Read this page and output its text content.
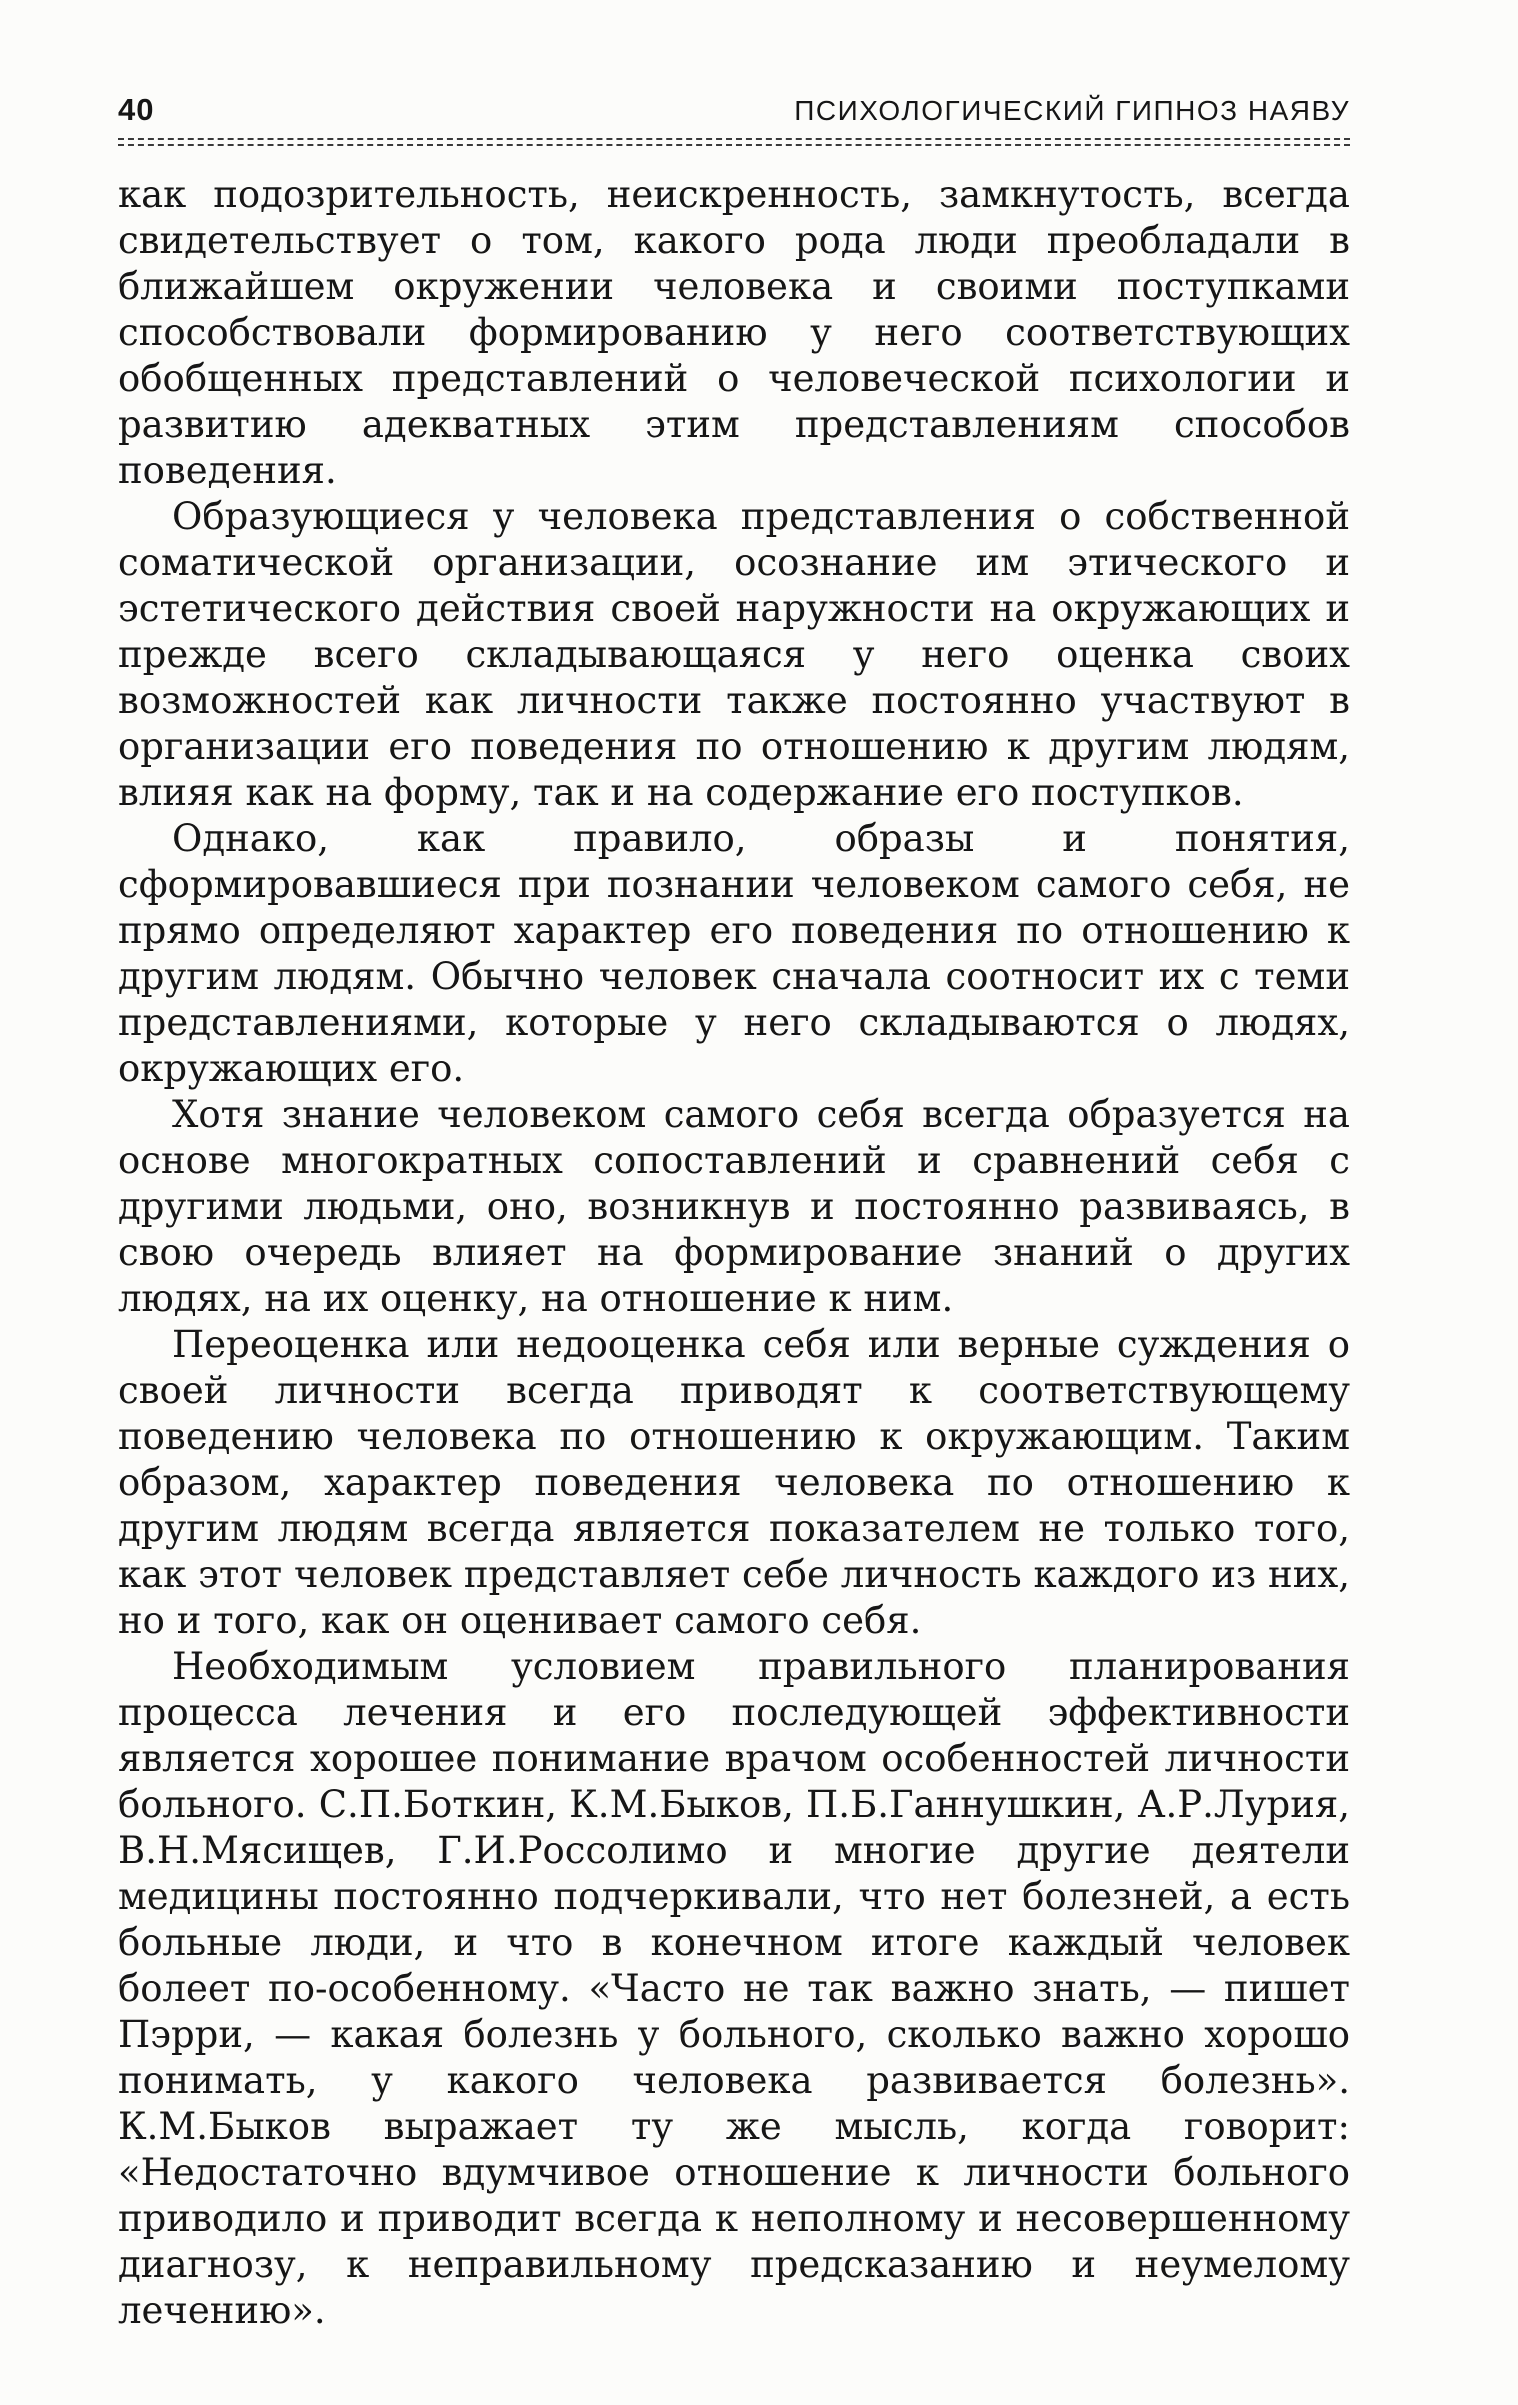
40	ПСИХОЛОГИЧЕСКИЙ ГИПНОЗ НАЯВУ

как подозрительность, неискренность, замкнутость, всегда свидетельствует о том, какого рода люди преобладали в ближайшем окружении человека и своими поступками способствовали формированию у него соответствующих обобщенных представлений о человеческой психологии и развитию адекватных этим представлениям способов поведения.

Образующиеся у человека представления о собственной соматической организации, осознание им этического и эстетического действия своей наружности на окружающих и прежде всего складывающаяся у него оценка своих возможностей как личности также постоянно участвуют в организации его поведения по отношению к другим людям, влияя как на форму, так и на содержание его поступков.

Однако, как правило, образы и понятия, сформировавшиеся при познании человеком самого себя, не прямо определяют характер его поведения по отношению к другим людям. Обычно человек сначала соотносит их с теми представлениями, которые у него складываются о людях, окружающих его.

Хотя знание человеком самого себя всегда образуется на основе многократных сопоставлений и сравнений себя с другими людьми, оно, возникнув и постоянно развиваясь, в свою очередь влияет на формирование знаний о других людях, на их оценку, на отношение к ним.

Переоценка или недооценка себя или верные суждения о своей личности всегда приводят к соответствующему поведению человека по отношению к окружающим. Таким образом, характер поведения человека по отношению к другим людям всегда является показателем не только того, как этот человек представляет себе личность каждого из них, но и того, как он оценивает самого себя.

Необходимым условием правильного планирования процесса лечения и его последующей эффективности является хорошее понимание врачом особенностей личности больного. С.П.Боткин, К.М.Быков, П.Б.Ганнушкин, А.Р.Лурия, В.Н.Мясищев, Г.И.Россолимо и многие другие деятели медицины постоянно подчеркивали, что нет болезней, а есть больные люди, и что в конечном итоге каждый человек болеет по-особенному. «Часто не так важно знать, — пишет Пэрри, — какая болезнь у больного, сколько важно хорошо понимать, у какого человека развивается болезнь». К.М.Быков выражает ту же мысль, когда говорит: «Недостаточно вдумчивое отношение к личности больного приводило и приводит всегда к неполному и несовершенному диагнозу, к неправильному предсказанию и неумелому лечению».
